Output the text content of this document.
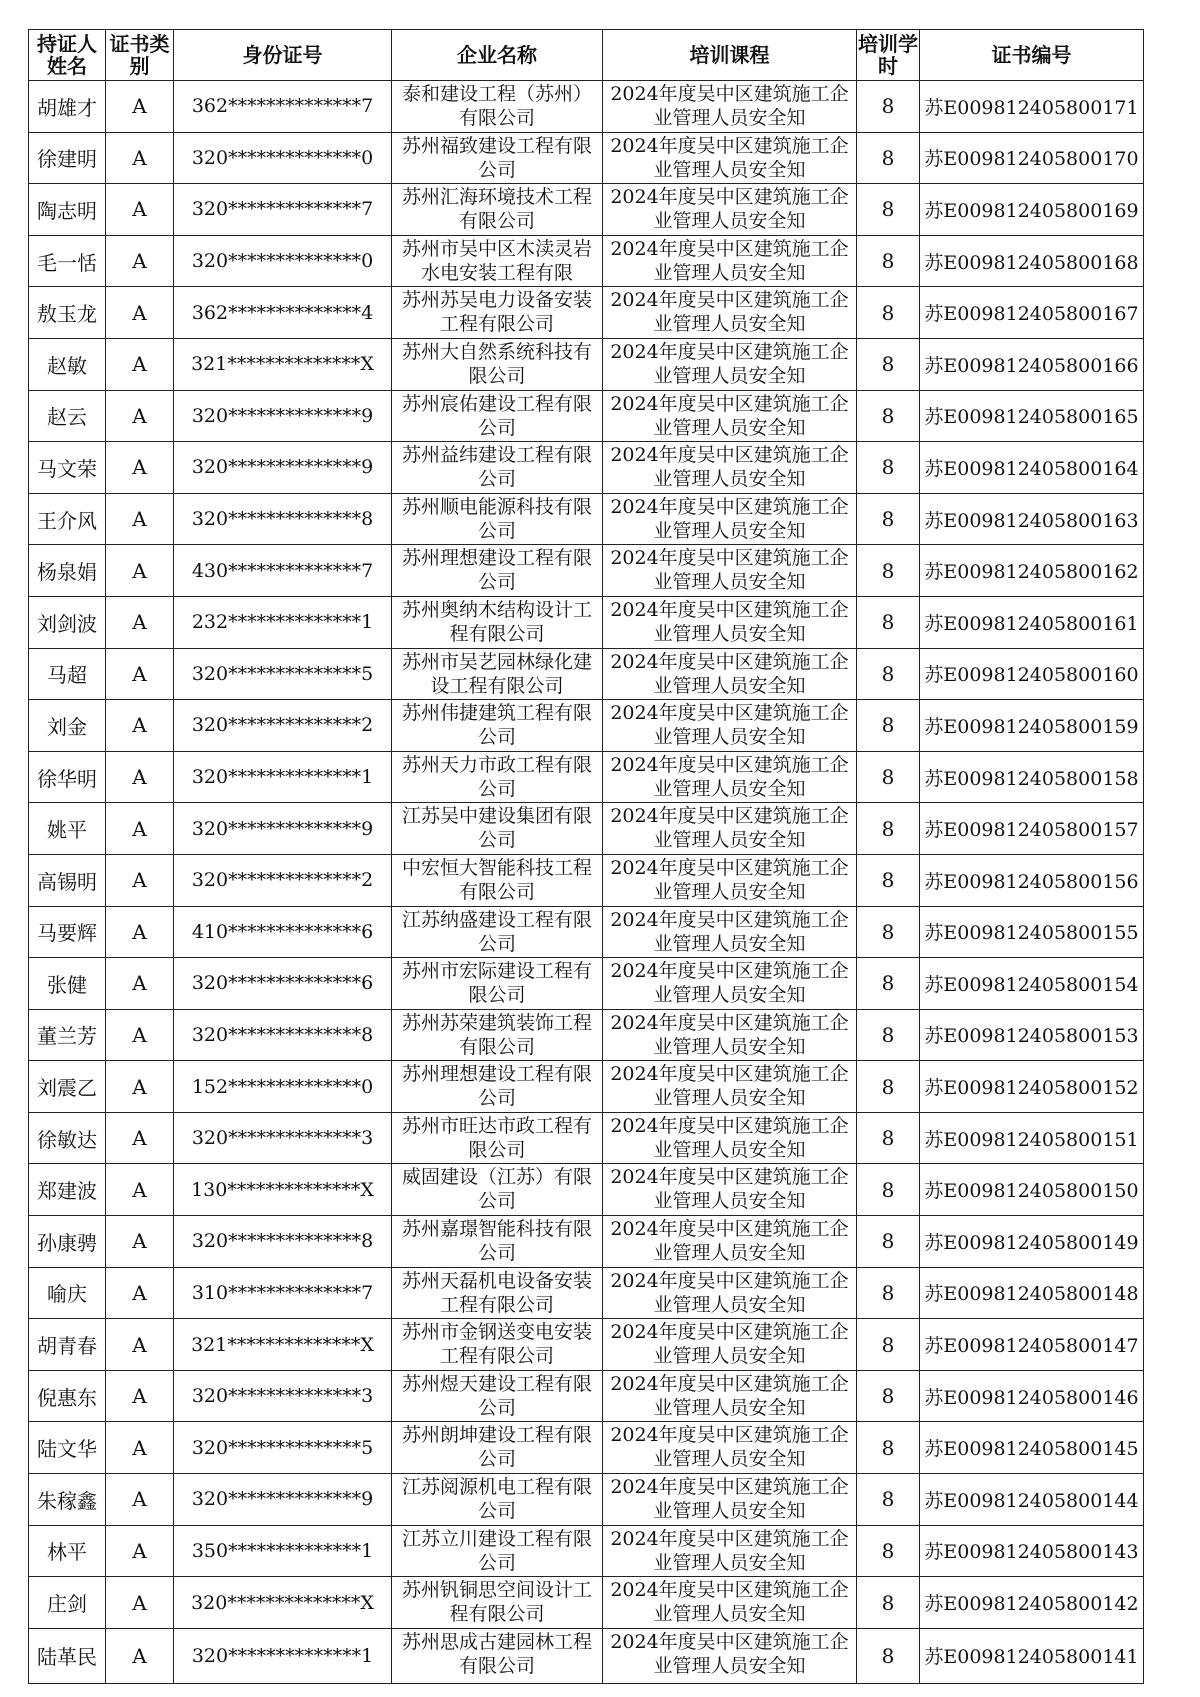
持证人姓名	证书类别	身份证号	企业名称	培训课程	培训学时	证书编号
胡雄才	A	362**************7	泰和建设工程（苏州）有限公司	2024年度吴中区建筑施工企业管理人员安全知	8	苏E009812405800171
徐建明	A	320**************0	苏州福致建设工程有限公司	2024年度吴中区建筑施工企业管理人员安全知	8	苏E009812405800170
陶志明	A	320**************7	苏州汇海环境技术工程有限公司	2024年度吴中区建筑施工企业管理人员安全知	8	苏E009812405800169
毛一恬	A	320**************0	苏州市吴中区木渎灵岩水电安装工程有限	2024年度吴中区建筑施工企业管理人员安全知	8	苏E009812405800168
敖玉龙	A	362**************4	苏州苏吴电力设备安装工程有限公司	2024年度吴中区建筑施工企业管理人员安全知	8	苏E009812405800167
赵敏	A	321**************X	苏州大自然系统科技有限公司	2024年度吴中区建筑施工企业管理人员安全知	8	苏E009812405800166
赵云	A	320**************9	苏州宸佑建设工程有限公司	2024年度吴中区建筑施工企业管理人员安全知	8	苏E009812405800165
马文荣	A	320**************9	苏州益纬建设工程有限公司	2024年度吴中区建筑施工企业管理人员安全知	8	苏E009812405800164
王介风	A	320**************8	苏州顺电能源科技有限公司	2024年度吴中区建筑施工企业管理人员安全知	8	苏E009812405800163
杨泉娟	A	430**************7	苏州理想建设工程有限公司	2024年度吴中区建筑施工企业管理人员安全知	8	苏E009812405800162
刘剑波	A	232**************1	苏州奥纳木结构设计工程有限公司	2024年度吴中区建筑施工企业管理人员安全知	8	苏E009812405800161
马超	A	320**************5	苏州市吴艺园林绿化建设工程有限公司	2024年度吴中区建筑施工企业管理人员安全知	8	苏E009812405800160
刘金	A	320**************2	苏州伟捷建筑工程有限公司	2024年度吴中区建筑施工企业管理人员安全知	8	苏E009812405800159
徐华明	A	320**************1	苏州天力市政工程有限公司	2024年度吴中区建筑施工企业管理人员安全知	8	苏E009812405800158
姚平	A	320**************9	江苏吴中建设集团有限公司	2024年度吴中区建筑施工企业管理人员安全知	8	苏E009812405800157
高锡明	A	320**************2	中宏恒大智能科技工程有限公司	2024年度吴中区建筑施工企业管理人员安全知	8	苏E009812405800156
马要辉	A	410**************6	江苏纳盛建设工程有限公司	2024年度吴中区建筑施工企业管理人员安全知	8	苏E009812405800155
张健	A	320**************6	苏州市宏际建设工程有限公司	2024年度吴中区建筑施工企业管理人员安全知	8	苏E009812405800154
董兰芳	A	320**************8	苏州苏荣建筑装饰工程有限公司	2024年度吴中区建筑施工企业管理人员安全知	8	苏E009812405800153
刘震乙	A	152**************0	苏州理想建设工程有限公司	2024年度吴中区建筑施工企业管理人员安全知	8	苏E009812405800152
徐敏达	A	320**************3	苏州市旺达市政工程有限公司	2024年度吴中区建筑施工企业管理人员安全知	8	苏E009812405800151
郑建波	A	130**************X	威固建设（江苏）有限公司	2024年度吴中区建筑施工企业管理人员安全知	8	苏E009812405800150
孙康骋	A	320**************8	苏州嘉璟智能科技有限公司	2024年度吴中区建筑施工企业管理人员安全知	8	苏E009812405800149
喻庆	A	310**************7	苏州天磊机电设备安装工程有限公司	2024年度吴中区建筑施工企业管理人员安全知	8	苏E009812405800148
胡青春	A	321**************X	苏州市金钢送变电安装工程有限公司	2024年度吴中区建筑施工企业管理人员安全知	8	苏E009812405800147
倪惠东	A	320**************3	苏州煜天建设工程有限公司	2024年度吴中区建筑施工企业管理人员安全知	8	苏E009812405800146
陆文华	A	320**************5	苏州朗坤建设工程有限公司	2024年度吴中区建筑施工企业管理人员安全知	8	苏E009812405800145
朱稼鑫	A	320**************9	江苏阅源机电工程有限公司	2024年度吴中区建筑施工企业管理人员安全知	8	苏E009812405800144
林平	A	350**************1	江苏立川建设工程有限公司	2024年度吴中区建筑施工企业管理人员安全知	8	苏E009812405800143
庄剑	A	320**************X	苏州钒铜思空间设计工程有限公司	2024年度吴中区建筑施工企业管理人员安全知	8	苏E009812405800142
陆革民	A	320**************1	苏州思成古建园林工程有限公司	2024年度吴中区建筑施工企业管理人员安全知	8	苏E009812405800141
